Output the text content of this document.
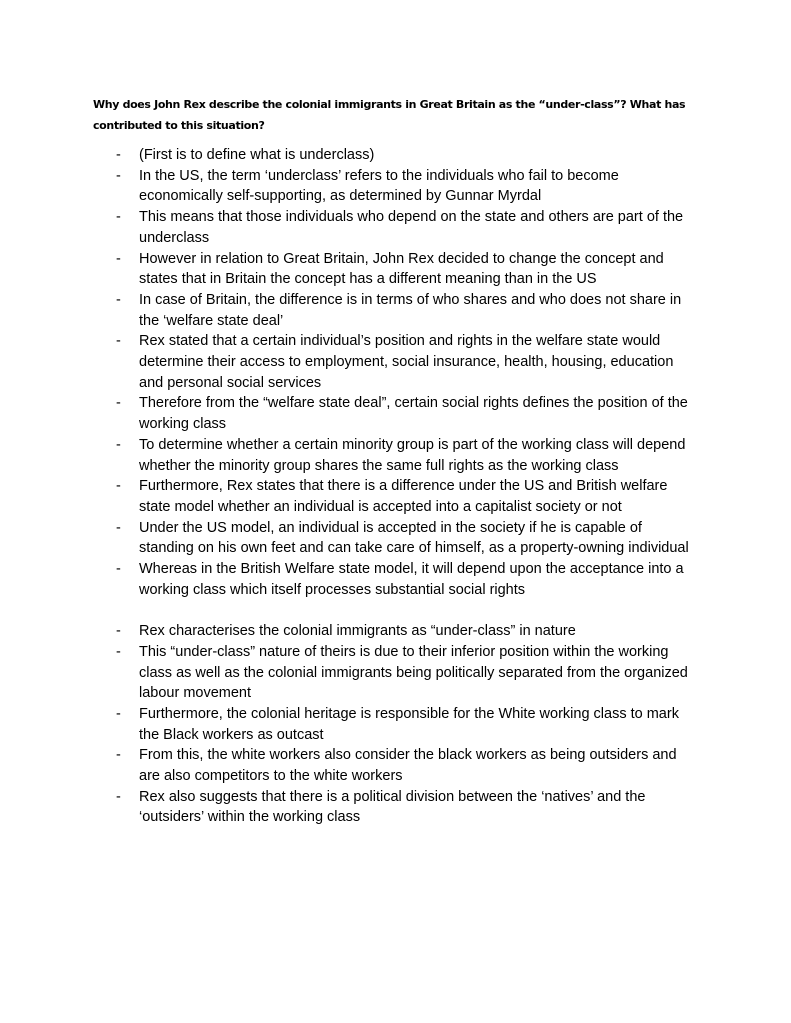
Why does John Rex describe the colonial immigrants in Great Britain as the “under-class”? What has contributed to this situation?

- (First is to define what is underclass)
- In the US, the term ‘underclass’ refers to the individuals who fail to become economically self-supporting, as determined by Gunnar Myrdal
- This means that those individuals who depend on the state and others are part of the underclass
- However in relation to Great Britain, John Rex decided to change the concept and states that in Britain the concept has a different meaning than in the US
- In case of Britain, the difference is in terms of who shares and who does not share in the ‘welfare state deal’
- Rex stated that a certain individual’s position and rights in the welfare state would determine their access to employment, social insurance, health, housing, education and personal social services
- Therefore from the “welfare state deal”, certain social rights defines the position of the working class
- To determine whether a certain minority group is part of the working class will depend whether the minority group shares the same full rights as the working class
- Furthermore, Rex states that there is a difference under the US and British welfare state model whether an individual is accepted into a capitalist society or not
- Under the US model, an individual is accepted in the society if he is capable of standing on his own feet and can take care of himself, as a property-owning individual
- Whereas in the British Welfare state model, it will depend upon the acceptance into a working class which itself processes substantial social rights
- Rex characterises the colonial immigrants as “under-class” in nature
- This “under-class” nature of theirs is due to their inferior position within the working class as well as the colonial immigrants being politically separated from the organized labour movement
- Furthermore, the colonial heritage is responsible for the White working class to mark the Black workers as outcast
- From this, the white workers also consider the black workers as being outsiders and are also competitors to the white workers
- Rex also suggests that there is a political division between the ‘natives’ and the ‘outsiders’ within the working class
